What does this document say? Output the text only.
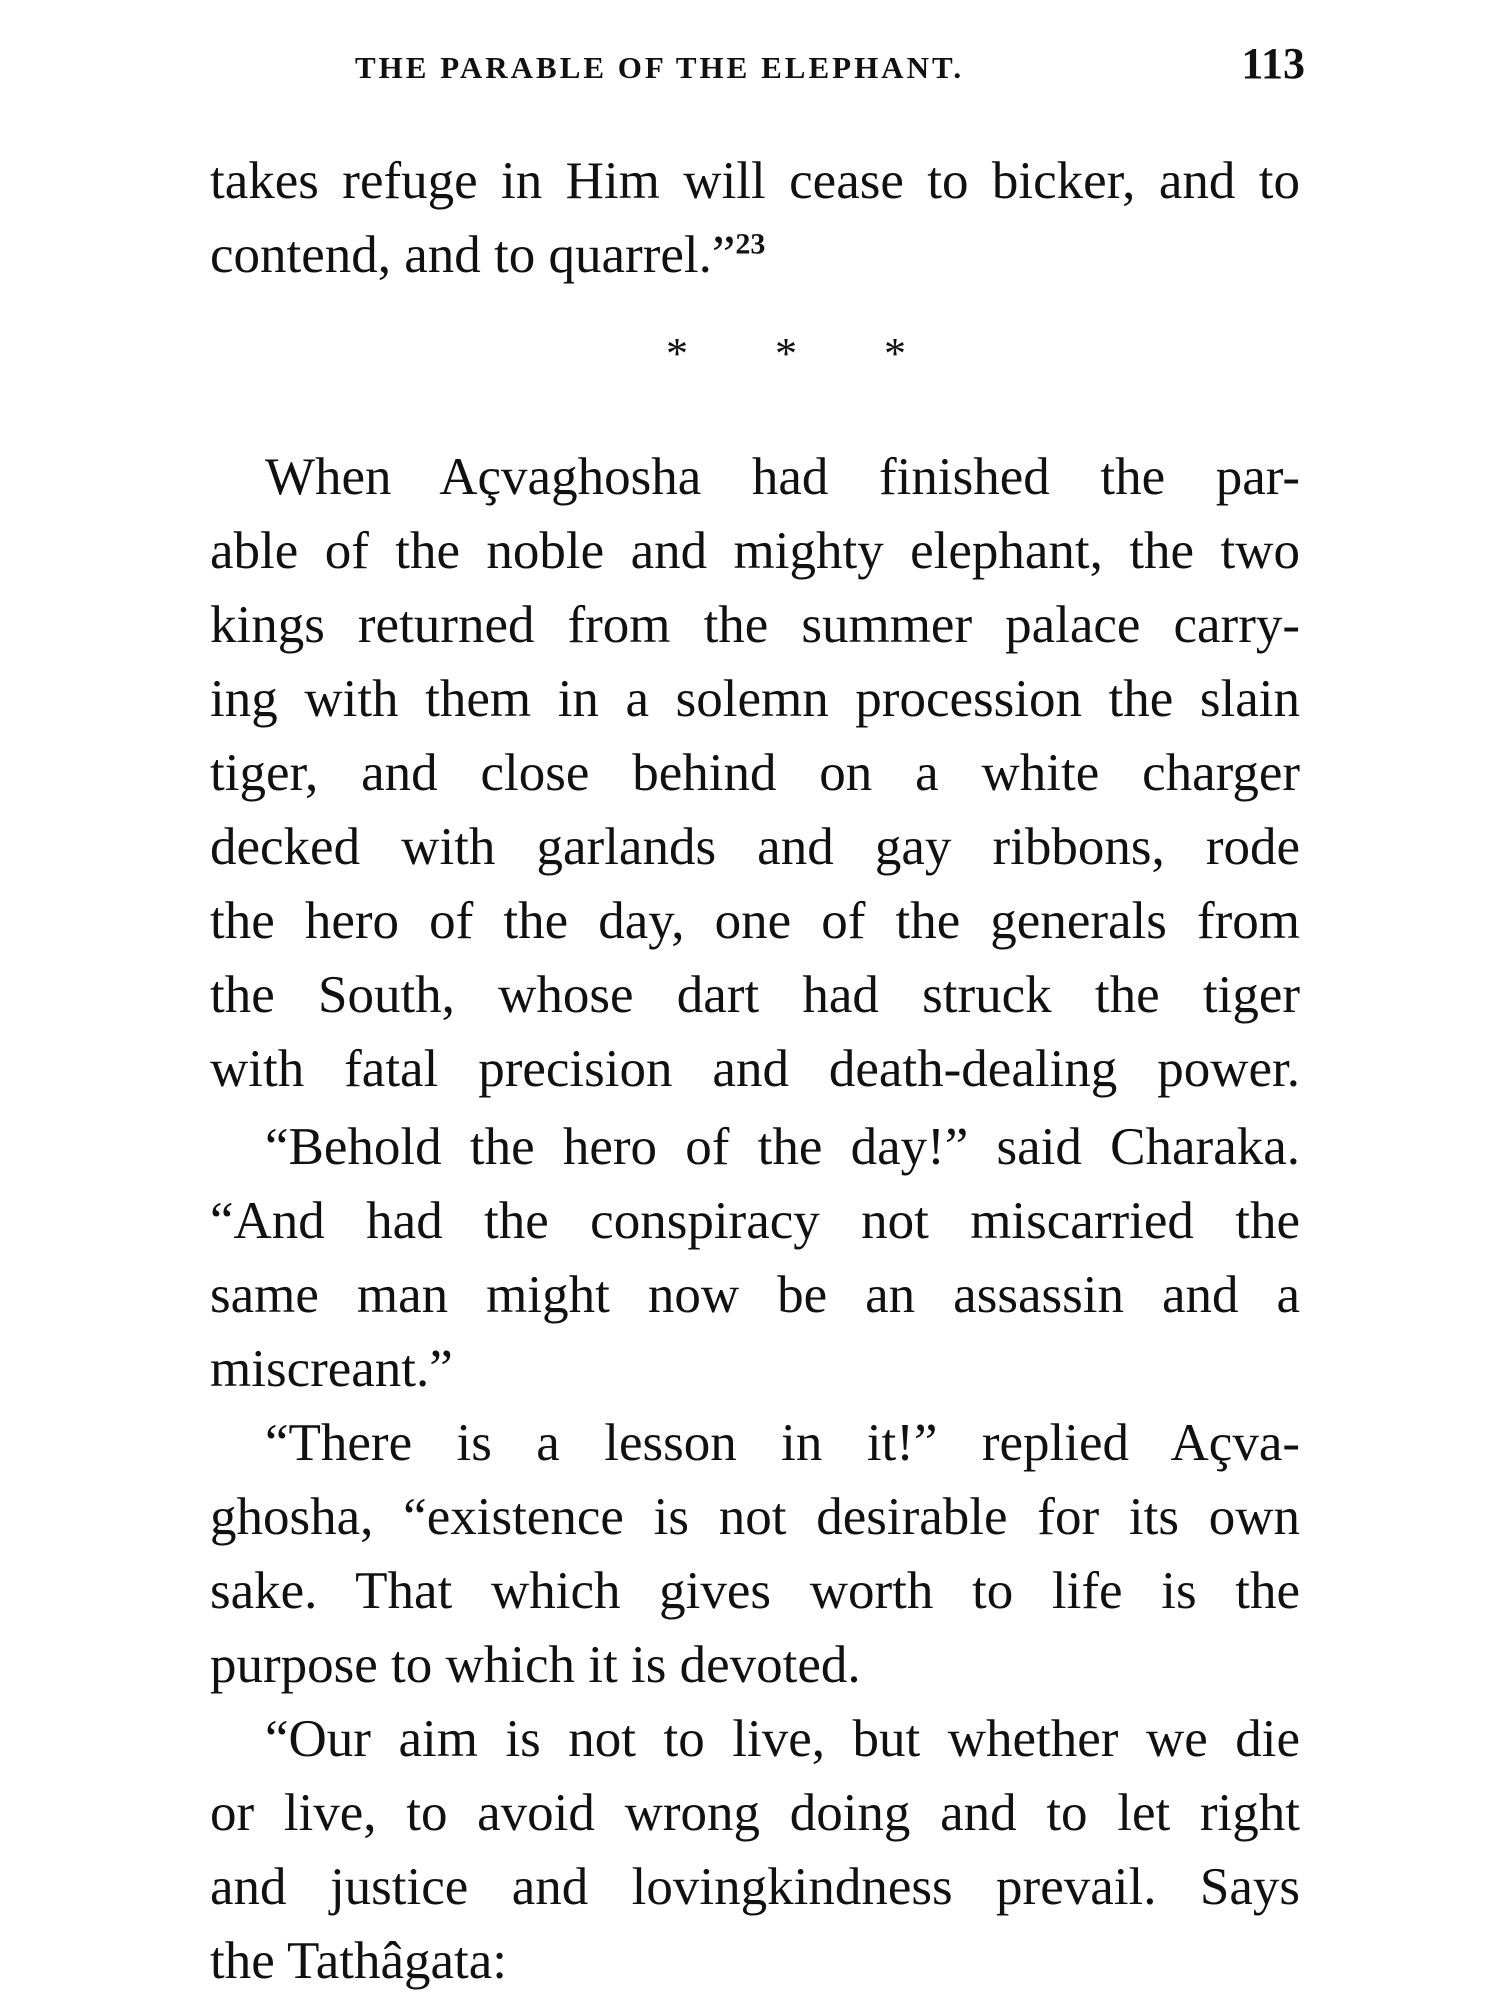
THE PARABLE OF THE ELEPHANT.	113
takes refuge in Him will cease to bicker, and to
contend, and to quarrel.”$^{23}$
* * *
When Açvaghosha had finished the par-
able of the noble and mighty elephant, the two
kings returned from the summer palace carry-
ing with them in a solemn procession the slain
tiger, and close behind on a white charger
decked with garlands and gay ribbons, rode
the hero of the day, one of the generals from
the South, whose dart had struck the tiger
with fatal precision and death-dealing power.
“Behold the hero of the day!” said Charaka.
“And had the conspiracy not miscarried the
same man might now be an assassin and a
miscreant.”
“There is a lesson in it!” replied Açva-
ghosha, “existence is not desirable for its own
sake. That which gives worth to life is the
purpose to which it is devoted.
“Our aim is not to live, but whether we die
or live, to avoid wrong doing and to let right
and justice and lovingkindness prevail. Says
the Tathâgata:
